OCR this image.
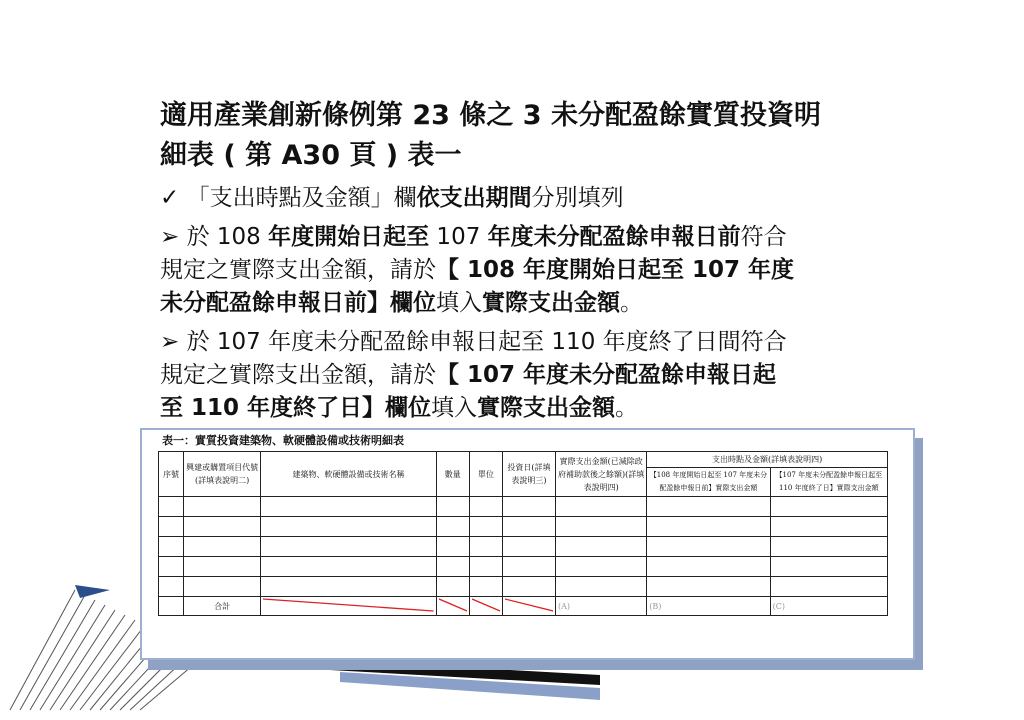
適用產業創新條例第 23 條之 3 未分配盈餘實質投資明
細表 ( 第 A30 頁 ) 表一

✓ 「支出時點及金額」欄依支出期間分別填列

➢ 於 108 年度開始日起至 107 年度未分配盈餘申報日前符合

規定之實際支出金額，請於【 108 年度開始日起至 107 年度

未分配盈餘申報日前】欄位填入實際支出金額。

➢ 於 107 年度未分配盈餘申報日起至 110 年度終了日間符合

規定之實際支出金額，請於【 107 年度未分配盈餘申報日起

至 110 年度終了日】欄位填入實際支出金額。

表一：實質投資建築物、軟硬體設備或技術明細表
序號	興建或購置項目代號(詳填表說明二)	建築物、軟硬體設備或技術名稱	數量	單位	投資日(詳填表說明三)	實際支出金額(已減除政府補助款後之餘額)(詳填表說明四)	支出時點及金額(詳填表說明四)	
							【108 年度開始日起至 107 年度未分配盈餘申報日前】實際支出金額	【107 年度未分配盈餘申報日起至 110 年度終了日】實際支出金額

	合計					(A)	(B)	(C)
